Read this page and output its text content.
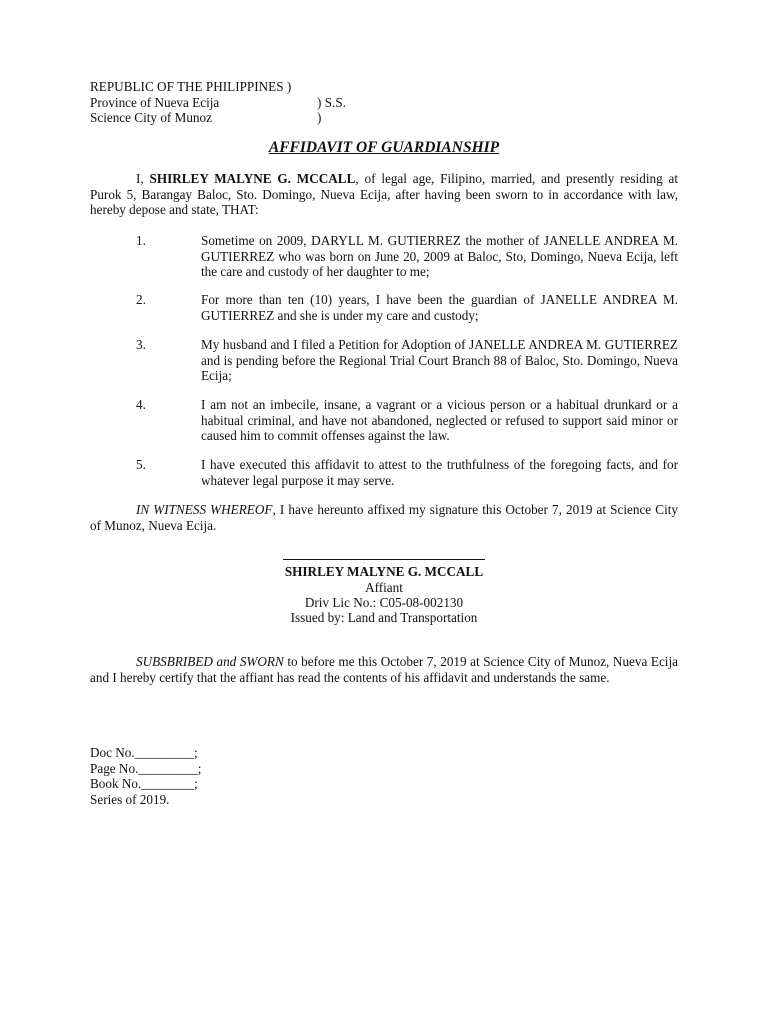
REPUBLIC OF THE PHILIPPINES )
Province of Nueva Ecija	) S.S.
Science City of Munoz	)
AFFIDAVIT OF GUARDIANSHIP
I, SHIRLEY MALYNE G. MCCALL, of legal age, Filipino, married, and presently residing at Purok 5, Barangay Baloc, Sto. Domingo, Nueva Ecija, after having been sworn to in accordance with law, hereby depose and state, THAT:
1.	Sometime on 2009, DARYLL M. GUTIERREZ the mother of JANELLE ANDREA M. GUTIERREZ who was born on June 20, 2009 at Baloc, Sto, Domingo, Nueva Ecija, left the care and custody of her daughter to me;
2.	For more than ten (10) years, I have been the guardian of JANELLE ANDREA M. GUTIERREZ and she is under my care and custody;
3.	My husband and I filed a Petition for Adoption of JANELLE ANDREA M. GUTIERREZ and is pending before the Regional Trial Court Branch 88 of Baloc, Sto. Domingo, Nueva Ecija;
4.	I am not an imbecile, insane, a vagrant or a vicious person or a habitual drunkard or a habitual criminal, and have not abandoned, neglected or refused to support said minor or caused him to commit offenses against the law.
5.	I have executed this affidavit to attest to the truthfulness of the foregoing facts, and for whatever legal purpose it may serve.
IN WITNESS WHEREOF, I have hereunto affixed my signature this October 7, 2019 at Science City of Munoz, Nueva Ecija.
SHIRLEY MALYNE G. MCCALL
Affiant
Driv Lic No.: C05-08-002130
Issued by: Land and Transportation
SUBSBRIBED and SWORN to before me this October 7, 2019 at Science City of Munoz, Nueva Ecija and I hereby certify that the affiant has read the contents of his affidavit and understands the same.
Doc No._________;
Page No._________;
Book No.________;
Series of 2019.
